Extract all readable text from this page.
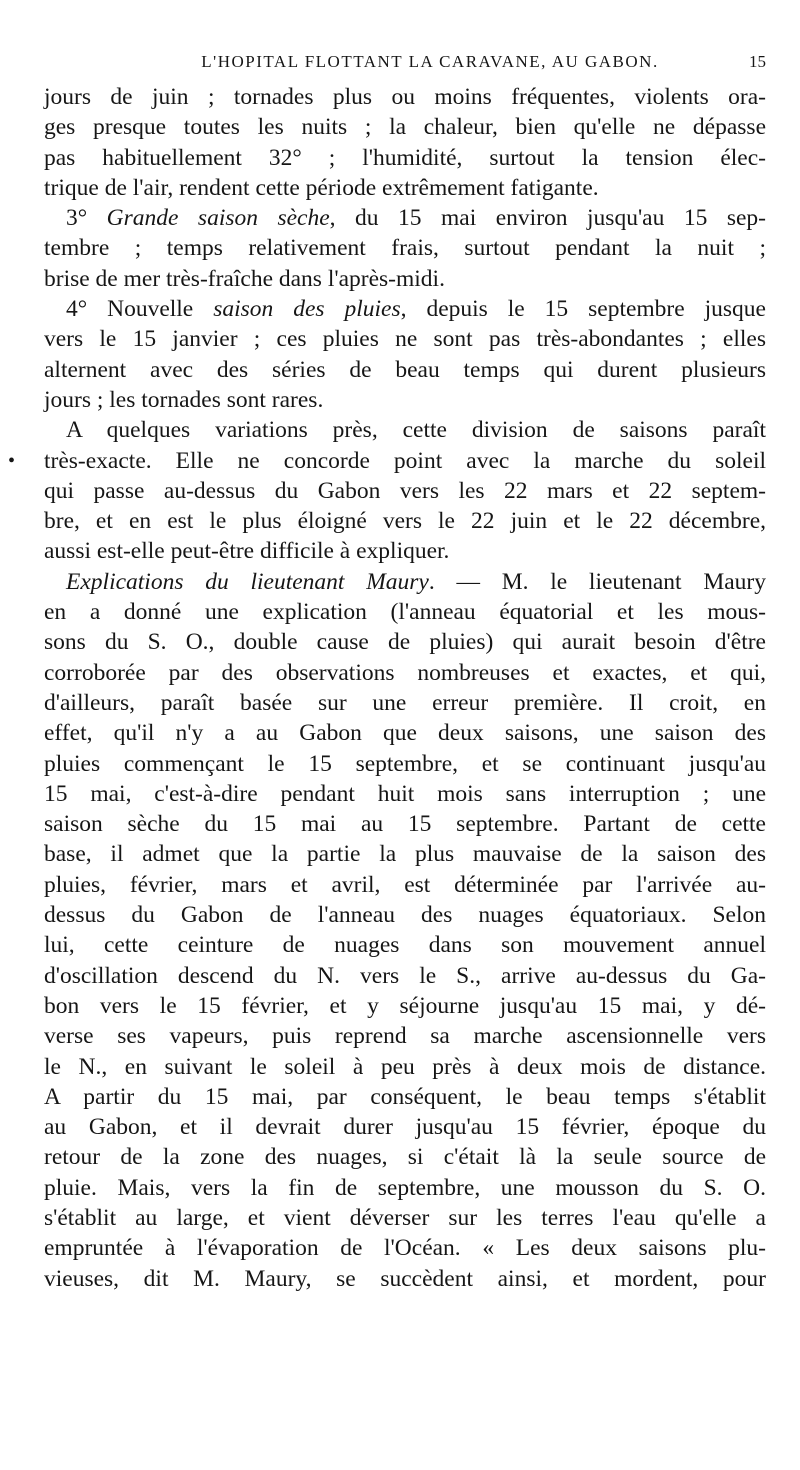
L'HOPITAL FLOTTANT LA CARAVANE, AU GABON.	15
jours de juin ; tornades plus ou moins fréquentes, violents ora-
ges presque toutes les nuits ; la chaleur, bien qu'elle ne dépasse
pas habituellement 32° ; l'humidité, surtout la tension élec-
trique de l'air, rendent cette période extrêmement fatigante.
3° Grande saison sèche, du 15 mai environ jusqu'au 15 sep-
tembre ; temps relativement frais, surtout pendant la nuit ;
brise de mer très-fraîche dans l'après-midi.
4° Nouvelle saison des pluies, depuis le 15 septembre jusque
vers le 15 janvier ; ces pluies ne sont pas très-abondantes ; elles
alternent avec des séries de beau temps qui durent plusieurs
jours ; les tornades sont rares.
A quelques variations près, cette division de saisons paraît
• très-exacte. Elle ne concorde point avec la marche du soleil
qui passe au-dessus du Gabon vers les 22 mars et 22 septem-
bre, et en est le plus éloigné vers le 22 juin et le 22 décembre,
aussi est-elle peut-être difficile à expliquer.
Explications du lieutenant Maury. — M. le lieutenant Maury
en a donné une explication (l'anneau équatorial et les mous-
sons du S. O., double cause de pluies) qui aurait besoin d'être
corroborée par des observations nombreuses et exactes, et qui,
d'ailleurs, paraît basée sur une erreur première. Il croit, en
effet, qu'il n'y a au Gabon que deux saisons, une saison des
pluies commençant le 15 septembre, et se continuant jusqu'au
15 mai, c'est-à-dire pendant huit mois sans interruption ; une
saison sèche du 15 mai au 15 septembre. Partant de cette
base, il admet que la partie la plus mauvaise de la saison des
pluies, février, mars et avril, est déterminée par l'arrivée au-
dessus du Gabon de l'anneau des nuages équatoriaux. Selon
lui, cette ceinture de nuages dans son mouvement annuel
d'oscillation descend du N. vers le S., arrive au-dessus du Ga-
bon vers le 15 février, et y séjourne jusqu'au 15 mai, y dé-
verse ses vapeurs, puis reprend sa marche ascensionnelle vers
le N., en suivant le soleil à peu près à deux mois de distance.
A partir du 15 mai, par conséquent, le beau temps s'établit
au Gabon, et il devrait durer jusqu'au 15 février, époque du
retour de la zone des nuages, si c'était là la seule source de
pluie. Mais, vers la fin de septembre, une mousson du S. O.
s'établit au large, et vient déverser sur les terres l'eau qu'elle a
empruntée à l'évaporation de l'Océan. « Les deux saisons plu-
vieuses, dit M. Maury, se succèdent ainsi, et mordent, pour
